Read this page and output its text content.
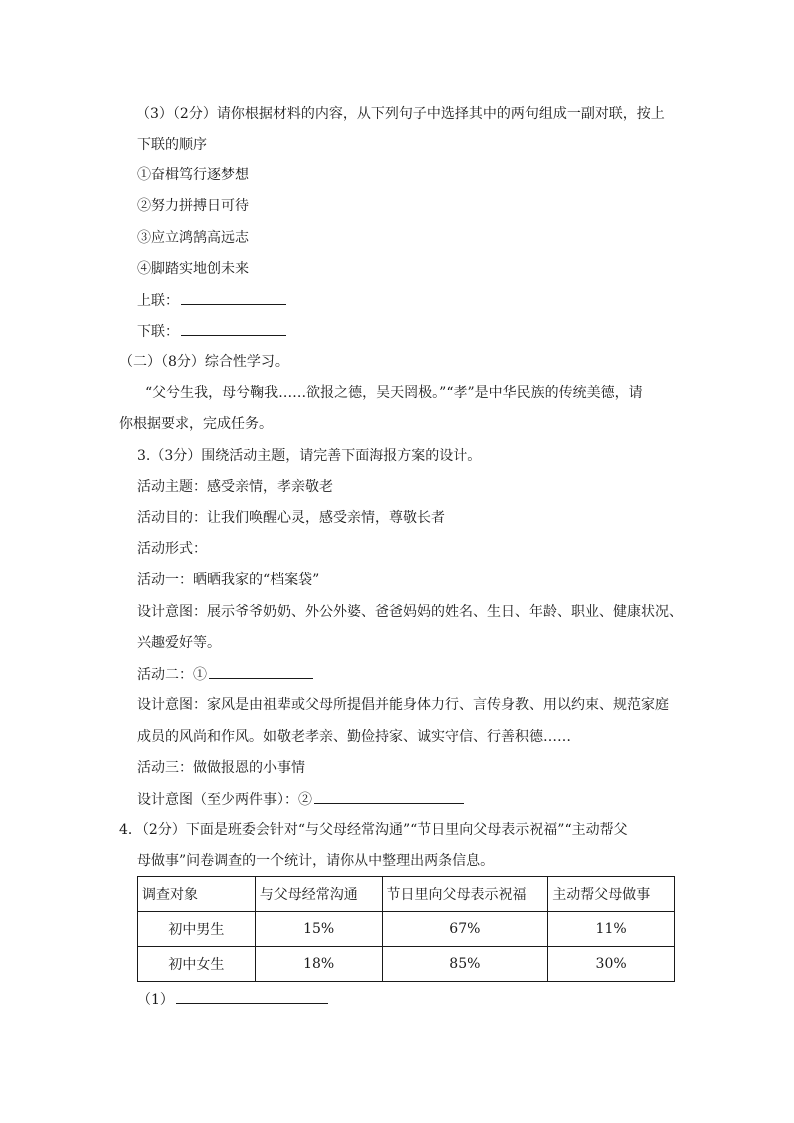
（3）（2分）请你根据材料的内容，从下列句子中选择其中的两句组成一副对联，按上
下联的顺序
①奋楫笃行逐梦想
②努力拼搏日可待
③应立鸿鹄高远志
④脚踏实地创未来
上联：
下联：
（二）（8分）综合性学习。
“父兮生我，母兮鞠我……欲报之德，吴天罔极。”“孝”是中华民族的传统美德，请
你根据要求，完成任务。
3.（3分）围绕活动主题，请完善下面海报方案的设计。
活动主题：感受亲情，孝亲敬老
活动目的：让我们唤醒心灵，感受亲情，尊敬长者
活动形式：
活动一：晒晒我家的“档案袋”
设计意图：展示爷爷奶奶、外公外婆、爸爸妈妈的姓名、生日、年龄、职业、健康状况、
兴趣爱好等。
活动二：①
设计意图：家风是由祖辈或父母所提倡并能身体力行、言传身教、用以约束、规范家庭
成员的风尚和作风。如敬老孝亲、勤俭持家、诚实守信、行善积德……
活动三：做做报恩的小事情
设计意图（至少两件事）：②
4．（2分）下面是班委会针对“与父母经常沟通”“节日里向父母表示祝福”“主动帮父
母做事”问卷调查的一个统计，请你从中整理出两条信息。
调查对象	与父母经常沟通	节日里向父母表示祝福	主动帮父母做事
初中男生	15%	67%	11%
初中女生	18%	85%	30%
（1）
